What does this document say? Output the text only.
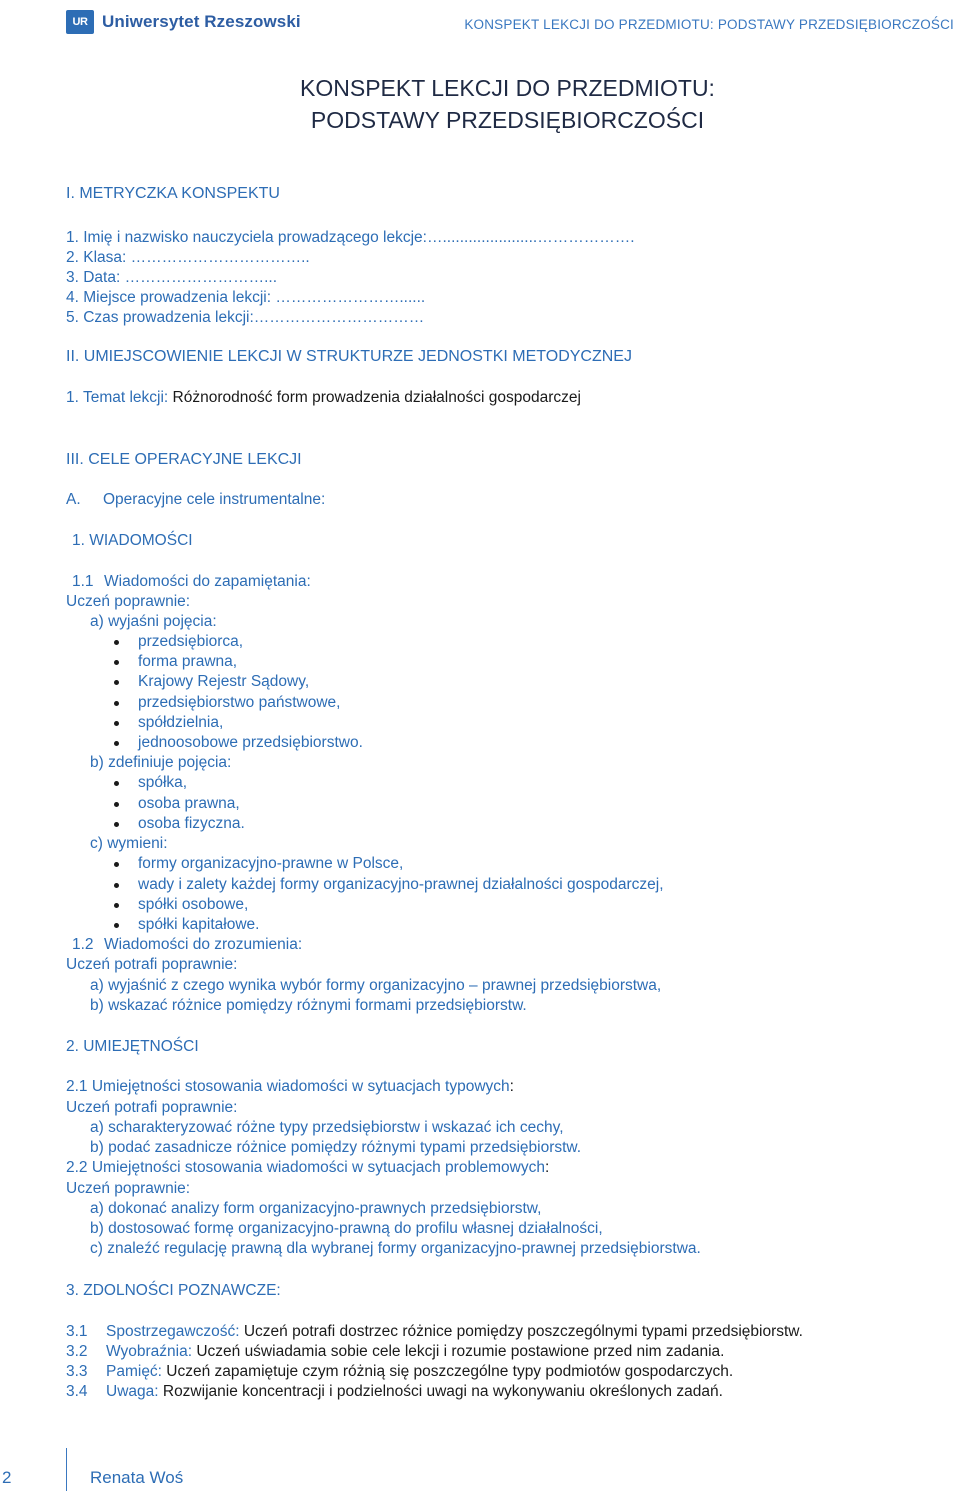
UR Uniwersytet Rzeszowski	KONSPEKT LEKCJI DO PRZEDMIOTU: PODSTAWY PRZEDSIĘBIORCZOŚCI
KONSPEKT LEKCJI DO PRZEDMIOTU:
PODSTAWY PRZEDSIĘBIORCZOŚCI
I. METRYCZKA KONSPEKTU
1. Imię i nazwisko nauczyciela prowadzącego lekcje:…......................……………….
2. Klasa: ……………………………..
3. Data: ………………………...
4. Miejsce prowadzenia lekcji: ……………………......
5. Czas prowadzenia lekcji:……………………………
II. UMIEJSCOWIENIE LEKCJI W STRUKTURZE JEDNOSTKI METODYCZNEJ
1. Temat lekcji: Różnorodność form prowadzenia działalności gospodarczej
III. CELE OPERACYJNE LEKCJI
A. Operacyjne cele instrumentalne:
1. WIADOMOŚCI
1.1 Wiadomości do zapamiętania:
Uczeń poprawnie:
a) wyjaśni pojęcia:
przedsiębiorca,
forma prawna,
Krajowy Rejestr Sądowy,
przedsiębiorstwo państwowe,
spółdzielnia,
jednoosobowe przedsiębiorstwo.
b) zdefiniuje pojęcia:
spółka,
osoba prawna,
osoba fizyczna.
c) wymieni:
formy organizacyjno-prawne w Polsce,
wady i zalety każdej formy organizacyjno-prawnej działalności gospodarczej,
spółki osobowe,
spółki kapitałowe.
1.2 Wiadomości do zrozumienia:
Uczeń potrafi poprawnie:
a) wyjaśnić z czego wynika wybór formy organizacyjno – prawnej przedsiębiorstwa,
b) wskazać różnice pomiędzy różnymi formami przedsiębiorstw.
2. UMIEJĘTNOŚCI
2.1 Umiejętności stosowania wiadomości w sytuacjach typowych:
Uczeń potrafi poprawnie:
a) scharakteryzować różne typy przedsiębiorstw i wskazać ich cechy,
b) podać zasadnicze różnice pomiędzy różnymi typami przedsiębiorstw.
2.2 Umiejętności stosowania wiadomości w sytuacjach problemowych:
Uczeń poprawnie:
a) dokonać analizy form organizacyjno-prawnych przedsiębiorstw,
b) dostosować formę organizacyjno-prawną do profilu własnej działalności,
c) znaleźć regulację prawną dla wybranej formy organizacyjno-prawnej przedsiębiorstwa.
3. ZDOLNOŚCI POZNAWCZE:
3.1 Spostrzegawczość: Uczeń potrafi dostrzec różnice pomiędzy poszczególnymi typami przedsiębiorstw.
3.2 Wyobraźnia: Uczeń uświadamia sobie cele lekcji i rozumie postawione przed nim zadania.
3.3 Pamięć: Uczeń zapamiętuje czym różnią się poszczególne typy podmiotów gospodarczych.
3.4 Uwaga: Rozwijanie koncentracji i podzielności uwagi na wykonywaniu określonych zadań.
2	Renata Woś
